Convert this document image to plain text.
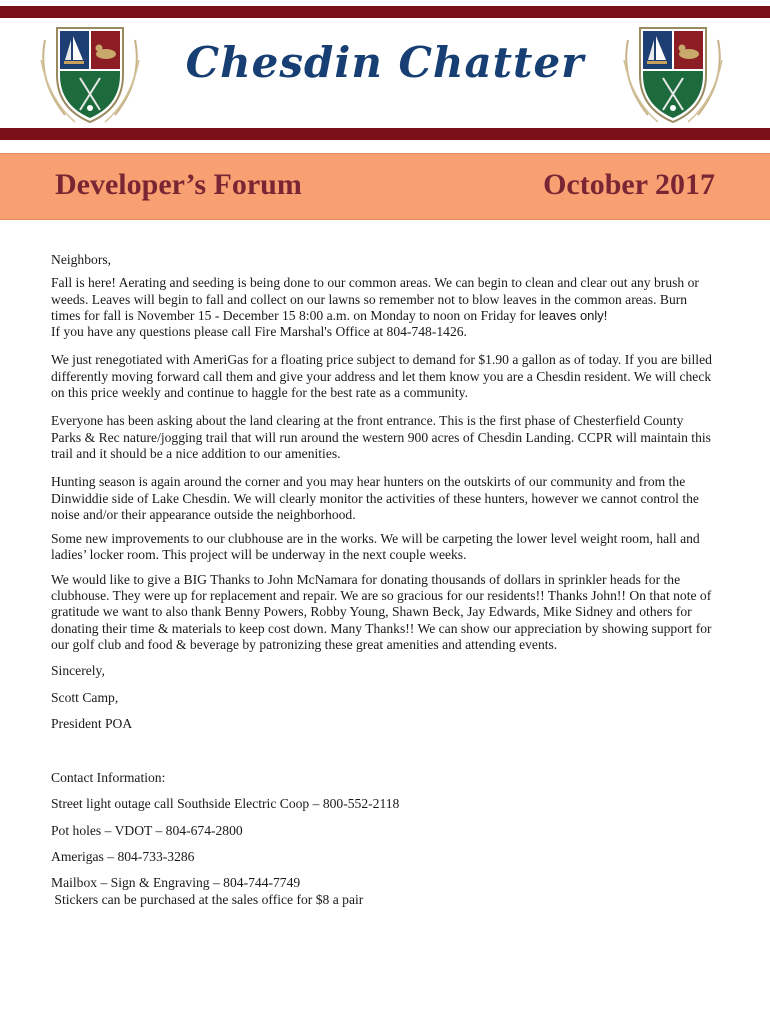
Chesdin Chatter
Developer’s Forum	October 2017

Neighbors,

Fall is here! Aerating and seeding is being done to our common areas. We can begin to clean and clear out any brush or weeds. Leaves will begin to fall and collect on our lawns so remember not to blow leaves in the common areas. Burn times for fall is November 15 - December 15 8:00 a.m. on Monday to noon on Friday for leaves only!

If you have any questions please call Fire Marshal's Office at 804-748-1426.

We just renegotiated with AmeriGas for a floating price subject to demand for $1.90 a gallon as of today. If you are billed differently moving forward call them and give your address and let them know you are a Chesdin resident. We will check on this price weekly and continue to haggle for the best rate as a community.

Everyone has been asking about the land clearing at the front entrance. This is the first phase of Chesterfield County Parks & Rec nature/jogging trail that will run around the western 900 acres of Chesdin Landing. CCPR will maintain this trail and it should be a nice addition to our amenities.

Hunting season is again around the corner and you may hear hunters on the outskirts of our community and from the Dinwiddie side of Lake Chesdin. We will clearly monitor the activities of these hunters, however we cannot control the noise and/or their appearance outside the neighborhood.

Some new improvements to our clubhouse are in the works. We will be carpeting the lower level weight room, hall and ladies’ locker room. This project will be underway in the next couple weeks.

We would like to give a BIG Thanks to John McNamara for donating thousands of dollars in sprinkler heads for the clubhouse. They were up for replacement and repair. We are so gracious for our residents!! Thanks John!! On that note of gratitude we want to also thank Benny Powers, Robby Young, Shawn Beck, Jay Edwards, Mike Sidney and others for donating their time & materials to keep cost down. Many Thanks!! We can show our appreciation by showing support for our golf club and food & beverage by patronizing these great amenities and attending events.

Sincerely,

Scott Camp,

President POA

Contact Information:

Street light outage call Southside Electric Coop – 800-552-2118

Pot holes – VDOT – 804-674-2800

Amerigas – 804-733-3286

Mailbox – Sign & Engraving – 804-744-7749

Stickers can be purchased at the sales office for $8 a pair
